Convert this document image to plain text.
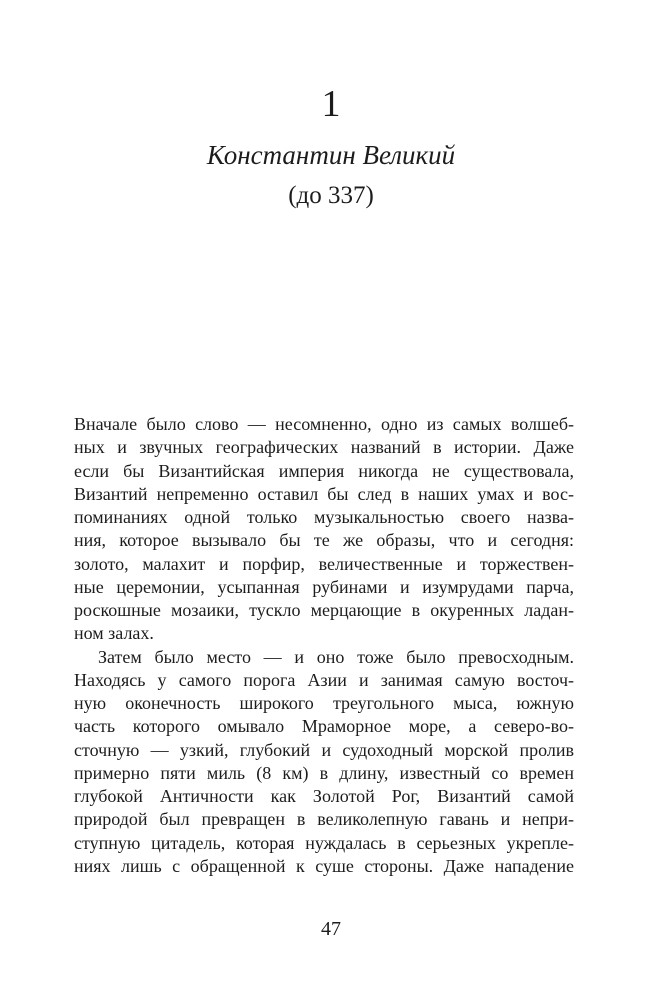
1
Константин Великий
(до 337)
Вначале было слово — несомненно, одно из самых волшеб-
ных и звучных географических названий в истории. Даже
если бы Византийская империя никогда не существовала,
Византий непременно оставил бы след в наших умах и вос-
поминаниях одной только музыкальностью своего назва-
ния, которое вызывало бы те же образы, что и сегодня:
золото, малахит и порфир, величественные и торжествен-
ные церемонии, усыпанная рубинами и изумрудами парча,
роскошные мозаики, тускло мерцающие в окуренных ладан-
ном залах.
Затем было место — и оно тоже было превосходным.
Находясь у самого порога Азии и занимая самую восточ-
ную оконечность широкого треугольного мыса, южную
часть которого омывало Мраморное море, а северо-во-
сточную — узкий, глубокий и судоходный морской пролив
примерно пяти миль (8 км) в длину, известный со времен
глубокой Античности как Золотой Рог, Византий самой
природой был превращен в великолепную гавань и непри-
ступную цитадель, которая нуждалась в серьезных укрепле-
ниях лишь с обращенной к суше стороны. Даже нападение
47
